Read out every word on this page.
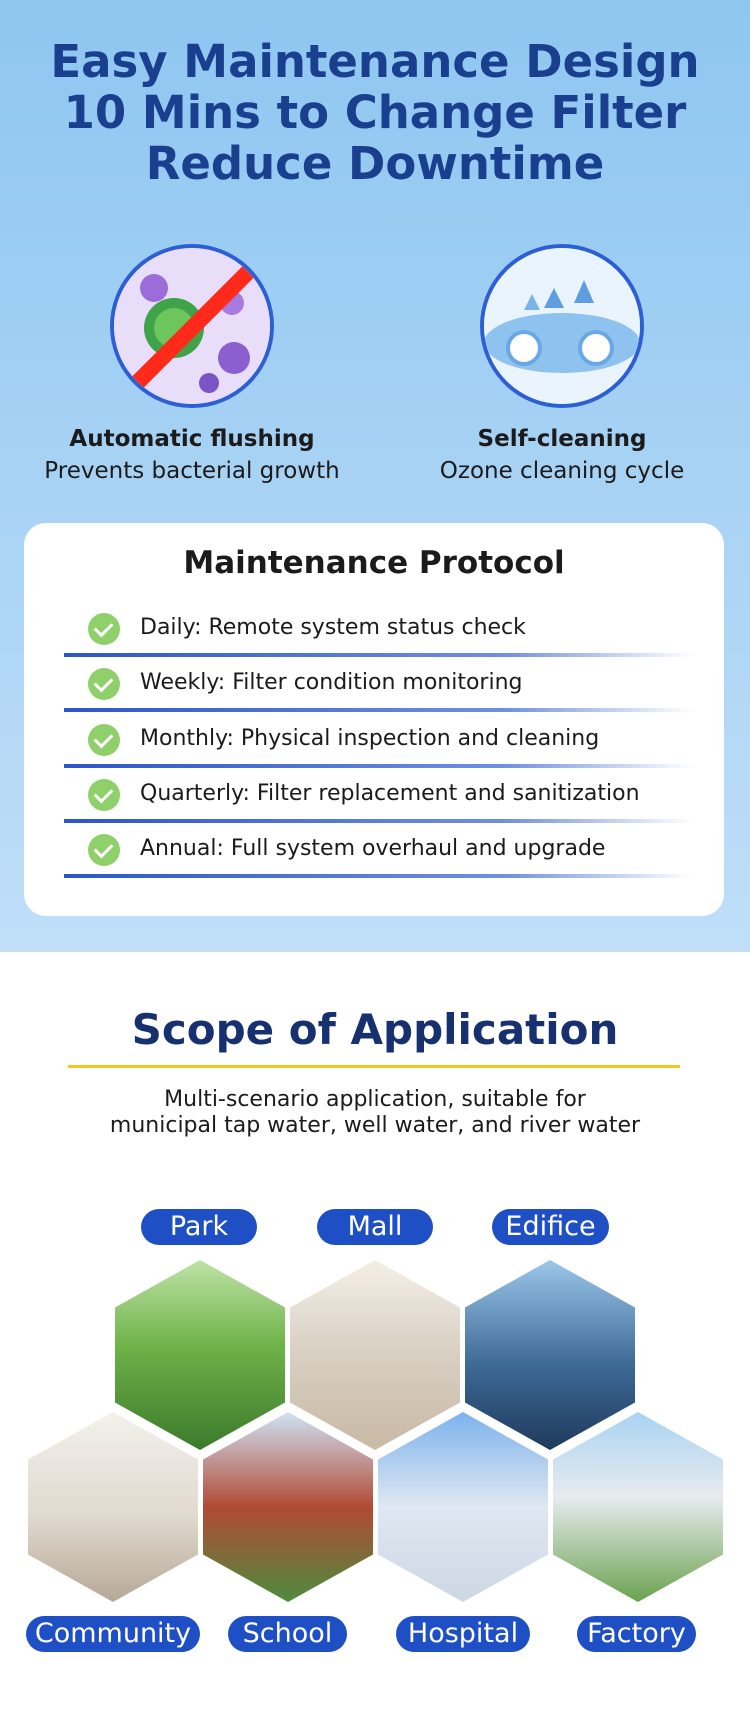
Easy Maintenance Design
10 Mins to Change Filter
Reduce Downtime
Automatic flushing
Prevents bacterial growth
Self-cleaning
Ozone cleaning cycle
Maintenance Protocol
Daily: Remote system status check
Weekly: Filter condition monitoring
Monthly: Physical inspection and cleaning
Quarterly: Filter replacement and sanitization
Annual: Full system overhaul and upgrade
Scope of Application
Multi-scenario application, suitable for
municipal tap water, well water, and river water
Park	Mall	Edifice
Community	School	Hospital	Factory
